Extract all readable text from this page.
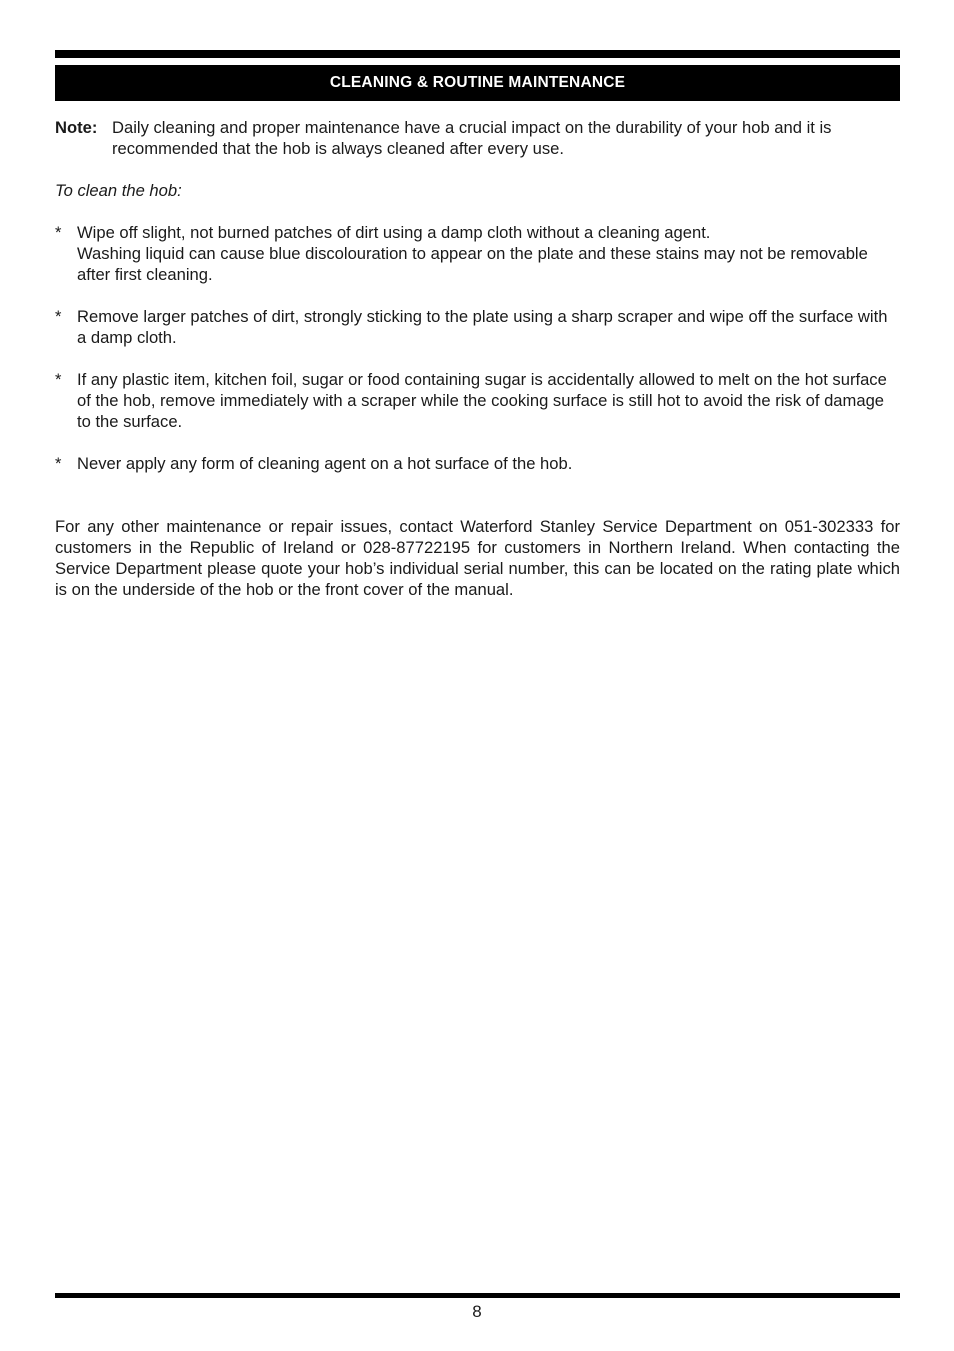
CLEANING & ROUTINE MAINTENANCE
Note: Daily cleaning and proper maintenance have a crucial impact on the durability of your hob and it is recommended that the hob is always cleaned after every use.
To clean the hob:
* Wipe off slight, not burned patches of dirt using a damp cloth without a cleaning agent.
Washing liquid can cause blue discolouration to appear on the plate and these stains may not be removable after first cleaning.
* Remove larger patches of dirt, strongly sticking to the plate using a sharp scraper and wipe off the surface with a damp cloth.
* If any plastic item, kitchen foil, sugar or food containing sugar is accidentally allowed to melt on the hot surface of the hob, remove immediately with a scraper while the cooking surface is still hot to avoid the risk of damage to the surface.
* Never apply any form of cleaning agent on a hot surface of the hob.

For any other maintenance or repair issues, contact Waterford Stanley Service Department on 051-302333 for customers in the Republic of Ireland or 028-87722195 for customers in Northern Ireland. When contacting the Service Department please quote your hob’s individual serial number, this can be located on the rating plate which is on the underside of the hob or the front cover of the manual.

8
